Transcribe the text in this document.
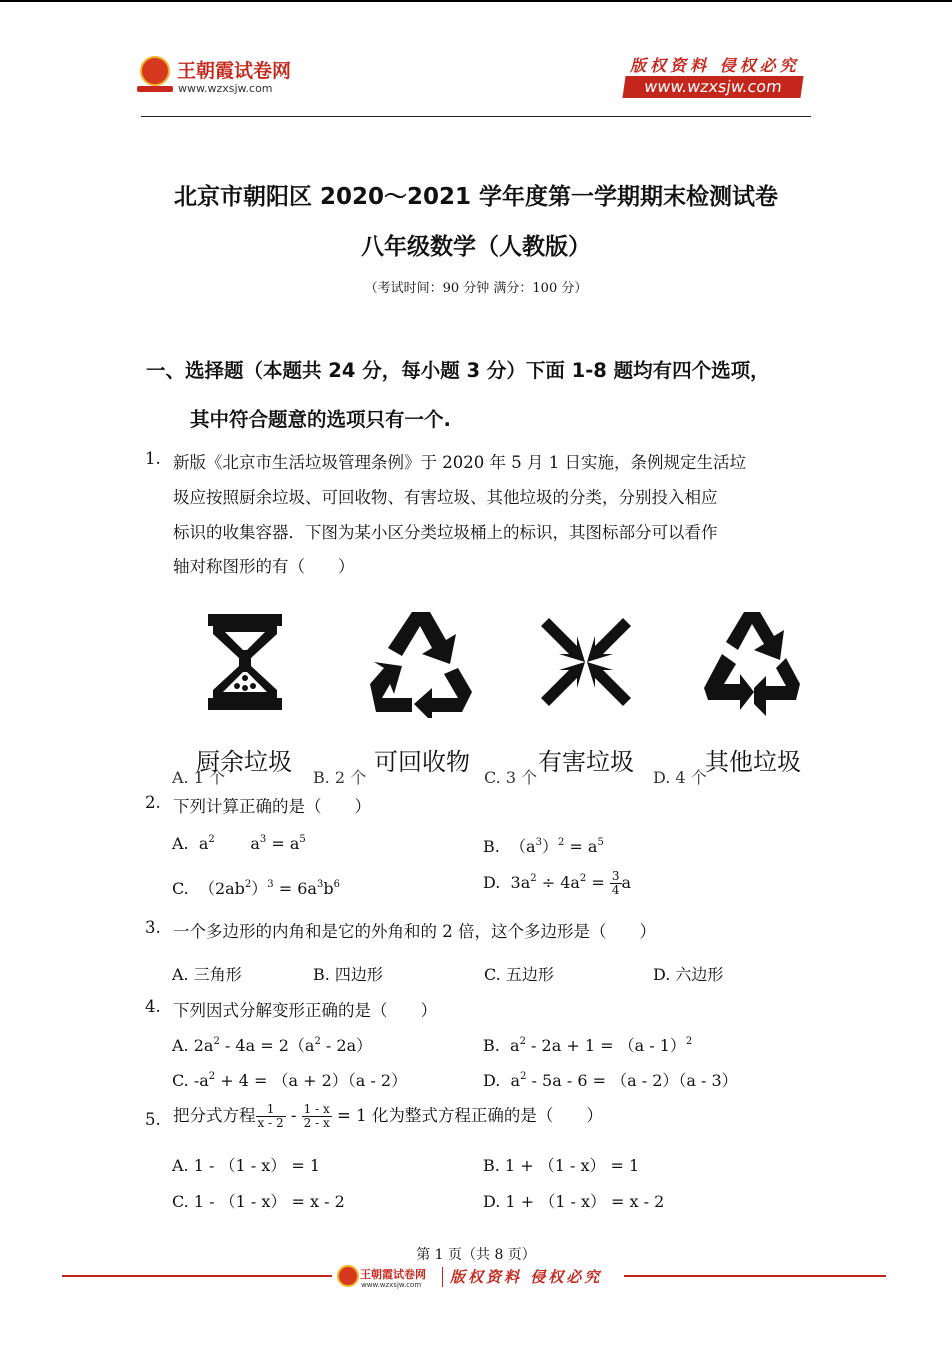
王朝霞试卷网
www.wzxsjw.com
版权资料 侵权必究
www.wzxsjw.com
北京市朝阳区 2020～2021 学年度第一学期期末检测试卷
八年级数学（人教版）
（考试时间：90 分钟 满分：100 分）
一、选择题（本题共 24 分，每小题 3 分）下面 1-8 题均有四个选项，
其中符合题意的选项只有一个.
1. 新版《北京市生活垃圾管理条例》于 2020 年 5 月 1 日实施，条例规定生活垃
圾应按照厨余垃圾、可回收物、有害垃圾、其他垃圾的分类，分别投入相应
标识的收集容器．下图为某小区分类垃圾桶上的标识，其图标部分可以看作
轴对称图形的有（　　）
厨余垃圾	可回收物	有害垃圾	其他垃圾
A. 1 个	B. 2 个	C. 3 个	D. 4 个
2. 下列计算正确的是（　　）
A.  $a^2$       $a^3 = a^5$	B.  $(a^3)^2 = a^5$
C.  $(2ab^2)^3 = 6a^3b^6$	D.  $3a^2 \div 4a^2 = \frac{3}{4}$ a
3. 一个多边形的内角和是它的外角和的 2 倍，这个多边形是（　　）
A. 三角形	B. 四边形	C. 五边形	D. 六边形
4. 下列因式分解变形正确的是（　　）
A. $2a^2 - 4a = 2(a^2 - 2a)$	B.  $a^2 - 2a + 1 = (a - 1)^2$
C. $-a^2 + 4 = (a + 2)(a - 2)$	D.  $a^2 - 5a - 6 = (a - 2)(a - 3)$
5. 把分式方程 $\frac{1}{x - 2} - \frac{1 - x}{2 - x} = 1$ 化为整式方程正确的是（　　）
A. 1 - （1 - x） = 1	B. 1 + （1 - x） = 1
C. 1 - （1 - x） = x - 2	D. 1 + （1 - x） = x - 2
第 1 页（共 8 页）
王朝霞试卷网
www.wzxsjw.com 版权资料 侵权必究
